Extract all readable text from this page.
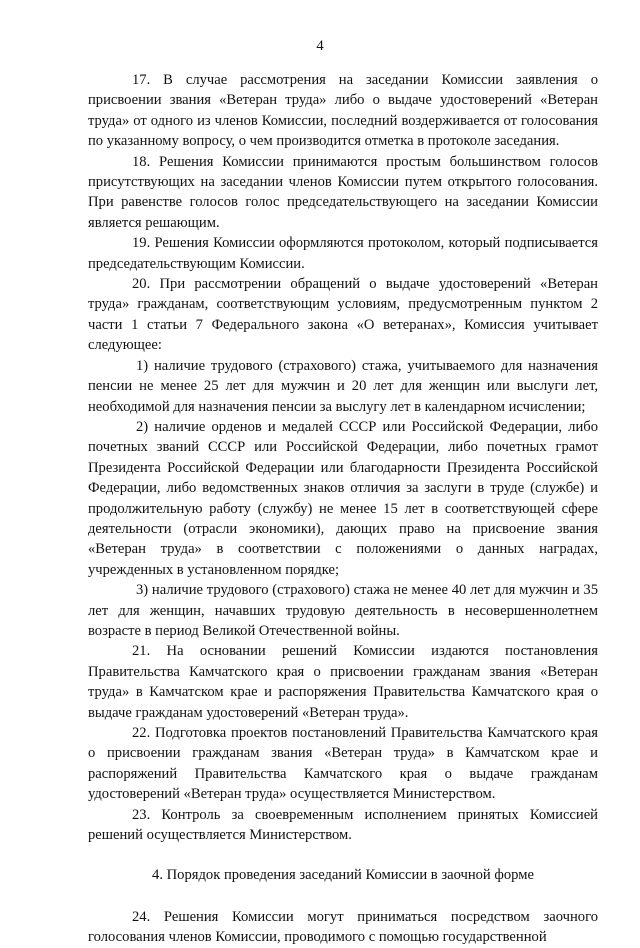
4

17. В случае рассмотрения на заседании Комиссии заявления о присвоении звания «Ветеран труда» либо о выдаче удостоверений «Ветеран труда» от одного из членов Комиссии, последний воздерживается от голосования по указанному вопросу, о чем производится отметка в протоколе заседания.

18. Решения Комиссии принимаются простым большинством голосов присутствующих на заседании членов Комиссии путем открытого голосования. При равенстве голосов голос председательствующего на заседании Комиссии является решающим.

19. Решения Комиссии оформляются протоколом, который подписывается председательствующим Комиссии.

20. При рассмотрении обращений о выдаче удостоверений «Ветеран труда» гражданам, соответствующим условиям, предусмотренным пунктом 2 части 1 статьи 7 Федерального закона «О ветеранах», Комиссия учитывает следующее:

1) наличие трудового (страхового) стажа, учитываемого для назначения пенсии не менее 25 лет для мужчин и 20 лет для женщин или выслуги лет, необходимой для назначения пенсии за выслугу лет в календарном исчислении;

2) наличие орденов и медалей СССР или Российской Федерации, либо почетных званий СССР или Российской Федерации, либо почетных грамот Президента Российской Федерации или благодарности Президента Российской Федерации, либо ведомственных знаков отличия за заслуги в труде (службе) и продолжительную работу (службу) не менее 15 лет в соответствующей сфере деятельности (отрасли экономики), дающих право на присвоение звания «Ветеран труда» в соответствии с положениями о данных наградах, учрежденных в установленном порядке;

3) наличие трудового (страхового) стажа не менее 40 лет для мужчин и 35 лет для женщин, начавших трудовую деятельность в несовершеннолетнем возрасте в период Великой Отечественной войны.

21. На основании решений Комиссии издаются постановления Правительства Камчатского края о присвоении гражданам звания «Ветеран труда» в Камчатском крае и распоряжения Правительства Камчатского края о выдаче гражданам удостоверений «Ветеран труда».

22. Подготовка проектов постановлений Правительства Камчатского края о присвоении гражданам звания «Ветеран труда» в Камчатском крае и распоряжений Правительства Камчатского края о выдаче гражданам удостоверений «Ветеран труда» осуществляется Министерством.

23. Контроль за своевременным исполнением принятых Комиссией решений осуществляется Министерством.

4. Порядок проведения заседаний Комиссии в заочной форме

24. Решения Комиссии могут приниматься посредством заочного голосования членов Комиссии, проводимого с помощью государственной
